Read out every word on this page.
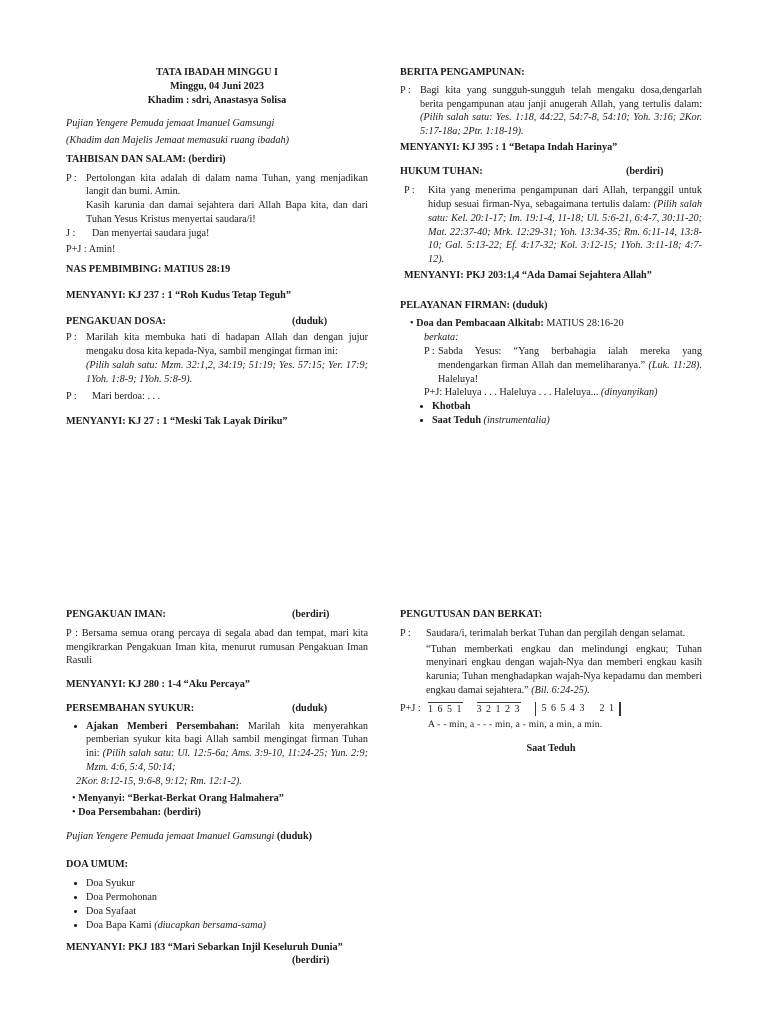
TATA IBADAH MINGGU I

Minggu, 04 Juni 2023

Khadim : sdri, Anastasya Solisa

Pujian Yengere Pemuda jemaat Imanuel Gamsungi

(Khadim dan Majelis Jemaat memasuki ruang ibadah)

TAHBISAN DAN SALAM: (berdiri)

P : Pertolongan kita adalah di dalam nama Tuhan, yang menjadikan langit dan bumi. Amin.

Kasih karunia dan damai sejahtera dari Allah Bapa kita, dan dari Tuhan Yesus Kristus menyertai saudara/i!

J :	Dan menyertai saudara juga!

P+J : Amin!

NAS PEMBIMBING: MATIUS 28:19

MENYANYI: KJ 237 : 1 “Roh Kudus Tetap Teguh”

PENGAKUAN DOSA:	(duduk)
P : Marilah kita membuka hati di hadapan Allah dan dengan jujur mengaku dosa kita kepada-Nya, sambil mengingat firman ini:

(Pilih salah satu: Mzm. 32:1,2, 34:19; 51:19; Yes. 57:15; Yer. 17:9; 1Yoh. 1:8-9; 1Yoh. 5:8-9).

P :	Mari berdoa: . . .

MENYANYI: KJ 27 : 1 “Meski Tak Layak Diriku”

BERITA PENGAMPUNAN:

P : Bagi kita yang sungguh-sungguh telah mengaku dosa,dengarlah berita pengampunan atau janji anugerah Allah, yang tertulis dalam: (Pilih salah satu: Yes. 1:18, 44:22, 54:7-8, 54:10; Yoh. 3:16; 2Kor. 5:17-18a; 2Ptr. 1:18-19).

MENYANYI: KJ 395 : 1 “Betapa Indah Harinya”

HUKUM TUHAN:	(berdiri)
P :	Kita yang menerima pengampunan dari Allah, terpanggil untuk hidup sesuai firman-Nya, sebagaimana tertulis dalam: (Pilih salah satu: Kel. 20:1-17; Im. 19:1-4, 11-18; Ul. 5:6-21, 6:4-7, 30:11-20; Mat. 22:37-40; Mrk. 12:29-31; Yoh. 13:34-35; Rm. 6:11-14, 13:8-10; Gal. 5:13-22; Ef. 4:17-32; Kol. 3:12-15; 1Yoh. 3:11-18; 4:7-12).

MENYANYI: PKJ 203:1,4 “Ada Damai Sejahtera Allah”

PELAYANAN FIRMAN: (duduk)

• Doa dan Pembacaan Alkitab: MATIUS 28:16-20

berkata:

P : Sabda Yesus: “Yang berbahagia ialah mereka yang mendengarkan firman Allah dan memeliharanya.” (Luk. 11:28). Haleluya!

P+J: Haleluya . . . Haleluya . . . Haleluya... (dinyanyikan)

• Khotbah
• Saat Teduh (instrumentalia)
PENGAKUAN IMAN:	(berdiri)

P : Bersama semua orang percaya di segala abad dan tempat, mari kita mengikrarkan Pengakuan Iman kita, menurut rumusan Pengakuan Iman Rasuli

MENYANYI: KJ 280 : 1-4 “Aku Percaya”

PERSEMBAHAN SYUKUR:	(duduk)
• Ajakan Memberi Persembahan: Marilah kita menyerahkan pemberian syukur kita bagi Allah sambil mengingat firman Tuhan ini: (Pilih salah satu: Ul. 12:5-6a; Ams. 3:9-10, 11:24-25; Yun. 2:9; Mzm. 4:6, 5:4, 50:14;

2Kor. 8:12-15, 9:6-8, 9:12; Rm. 12:1-2).

• Menyanyi: “Berkat-Berkat Orang Halmahera”

• Doa Persembahan: (berdiri)

Pujian Yengere Pemuda jemaat Imanuel Gamsungi (duduk)

DOA UMUM:

• Doa Syukur
• Doa Permohonan
• Doa Syafaat
• Doa Bapa Kami (diucapkan bersama-sama)

MENYANYI: PKJ 183 “Mari Sebarkan Injil Keseluruh Dunia”

(berdiri)

PENGUTUSAN DAN BERKAT:

P :	Saudara/i, terimalah berkat Tuhan dan pergilah dengan selamat.

“Tuhan memberkati engkau dan melindungi engkau; Tuhan menyinari engkau dengan wajah-Nya dan memberi engkau kasih karunia; Tuhan menghadapkan wajah-Nya kepadamu dan memberi engkau damai sejahtera.” (Bil. 6:24-25).

P+J : 1 6 5 1 3 2 1 2 3	5 6 5 4 3 2 1

A - - min, a - - - min, a - min, a min, a min.

Saat Teduh
